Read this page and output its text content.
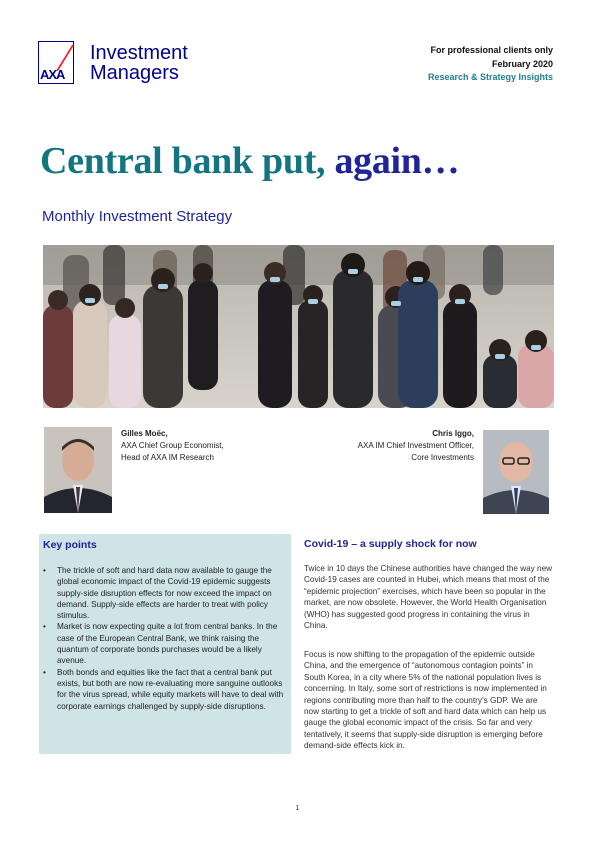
AXA
Investment
Managers
For professional clients only
February 2020
Research & Strategy Insights
Central bank put, again…
Monthly Investment Strategy
Gilles Moëc,
AXA Chief Group Economist,
Head of AXA IM Research
Chris Iggo,
AXA IM Chief Investment Officer,
Core Investments
Key points
• The trickle of soft and hard data now available to gauge the global economic impact of the Covid-19 epidemic suggests supply-side disruption effects for now exceed the impact on demand. Supply-side effects are harder to treat with policy stimulus.
• Market is now expecting quite a lot from central banks. In the case of the European Central Bank, we think raising the quantum of corporate bonds purchases would be a likely avenue.
• Both bonds and equities like the fact that a central bank put exists, but both are now re-evaluating more sanguine outlooks for the virus spread, while equity markets will have to deal with corporate earnings challenged by supply-side disruptions.
Covid-19 – a supply shock for now

Twice in 10 days the Chinese authorities have changed the way new Covid-19 cases are counted in Hubei, which means that most of the “epidemic projection” exercises, which have been so popular in the market, are now obsolete. However, the World Health Organisation (WHO) has suggested good progress in containing the virus in China.

Focus is now shifting to the propagation of the epidemic outside China, and the emergence of “autonomous contagion points” in South Korea, in a city where 5% of the national population lives is concerning. In Italy, some sort of restrictions is now implemented in regions contributing more than half to the country’s GDP. We are now starting to get a trickle of soft and hard data which can help us gauge the global economic impact of the crisis. So far and very tentatively, it seems that supply-side disruption is emerging before demand-side effects kick in.

1
